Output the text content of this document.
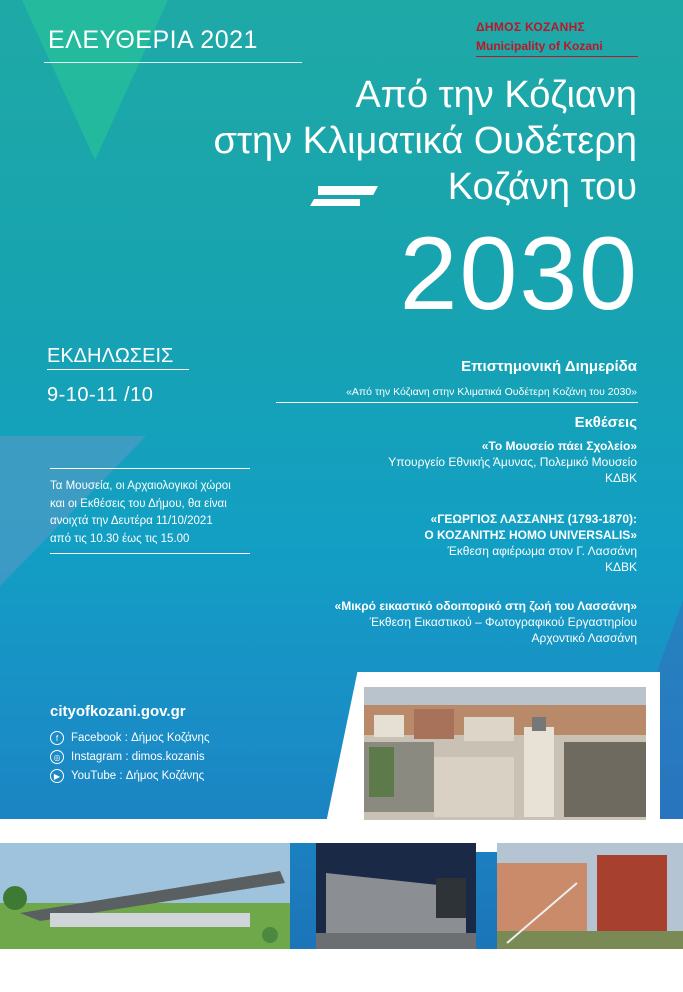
ΕΛΕΥΘΕΡΙΑ 2021	ΔΗΜΟΣ ΚΟΖΑΝΗΣ
Municipality of Kozani
Από την Κόζιανη
στην Κλιματικά Ουδέτερη
Κοζάνη του
2030
ΕΚΔΗΛΩΣΕΙΣ
9-10-11 /10
Τα Μουσεία, οι Αρχαιολογικοί χώροι
και οι Εκθέσεις του Δήμου, θα είναι
ανοιχτά την Δευτέρα 11/10/2021
από τις 10.30 έως τις 15.00
Επιστημονική Διημερίδα
«Από την Κόζιανη στην Κλιματικά Ουδέτερη Κοζάνη του 2030»
Εκθέσεις
«Το Μουσείο πάει Σχολείο»
Υπουργείο Εθνικής Άμυνας, Πολεμικό Μουσείο
ΚΔΒΚ
«ΓΕΩΡΓΙΟΣ ΛΑΣΣΑΝΗΣ (1793-1870):
Ο ΚΟΖΑΝΙΤΗΣ HOMO UNIVERSALIS»
Έκθεση αφιέρωμα στον Γ. Λασσάνη
ΚΔΒΚ
«Μικρό εικαστικό οδοιπορικό στη ζωή του Λασσάνη»
Έκθεση Εικαστικού – Φωτογραφικού Εργαστηρίου
Αρχοντικό Λασσάνη
cityofkozani.gov.gr
f	Facebook : Δήμος Κοζάνης
◎ Instagram : dimos.kozanis
▶ YouTube : Δήμος Κοζάνης
